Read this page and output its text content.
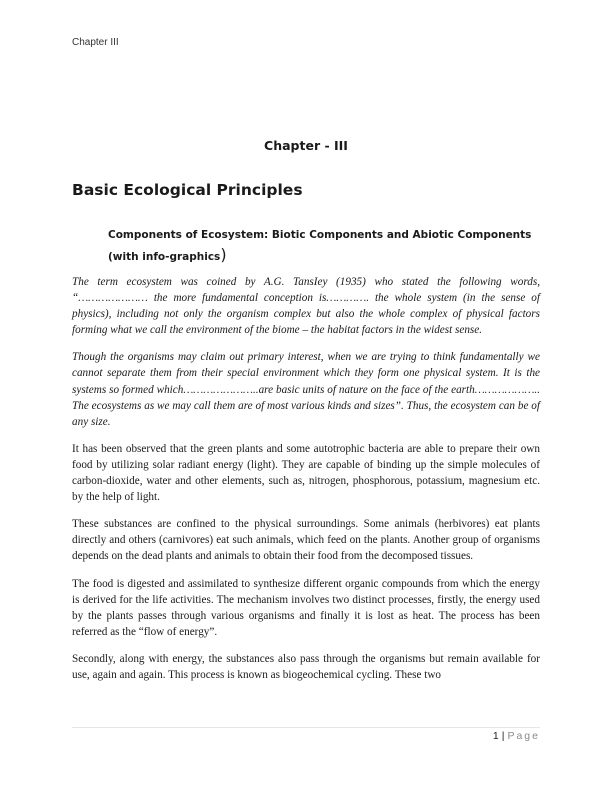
Chapter III
Chapter - III
Basic Ecological Principles
Components of Ecosystem: Biotic Components and Abiotic Components (with info-graphics)

The term ecosystem was coined by A.G. TansIey (1935) who stated the following words, “………………… the more fundamental conception is…………. the whole system (in the sense of physics), including not only the organism complex but also the whole complex of physical factors forming what we call the environment of the biome – the habitat factors in the widest sense.

Though the organisms may claim out primary interest, when we are trying to think fundamentally we cannot separate them from their special environment which they form one physical system. It is the systems so formed which…………………..are basic units of nature on the face of the earth……………….. The ecosystems as we may call them are of most various kinds and sizes”. Thus, the ecosystem can be of any size.

It has been observed that the green plants and some autotrophic bacteria are able to prepare their own food by utilizing solar radiant energy (light). They are capable of binding up the simple molecules of carbon-dioxide, water and other elements, such as, nitrogen, phosphorous, potassium, magnesium etc. by the help of light.

These substances are confined to the physical surroundings. Some animals (herbivores) eat plants directly and others (carnivores) eat such animals, which feed on the plants. Another group of organisms depends on the dead plants and animals to obtain their food from the decomposed tissues.

The food is digested and assimilated to synthesize different organic compounds from which the energy is derived for the life activities. The mechanism involves two distinct processes, firstly, the energy used by the plants passes through various organisms and finally it is lost as heat. The process has been referred as the “flow of energy”.

Secondly, along with energy, the substances also pass through the organisms but remain available for use, again and again. This process is known as biogeochemical cycling. These two

1 | Page
